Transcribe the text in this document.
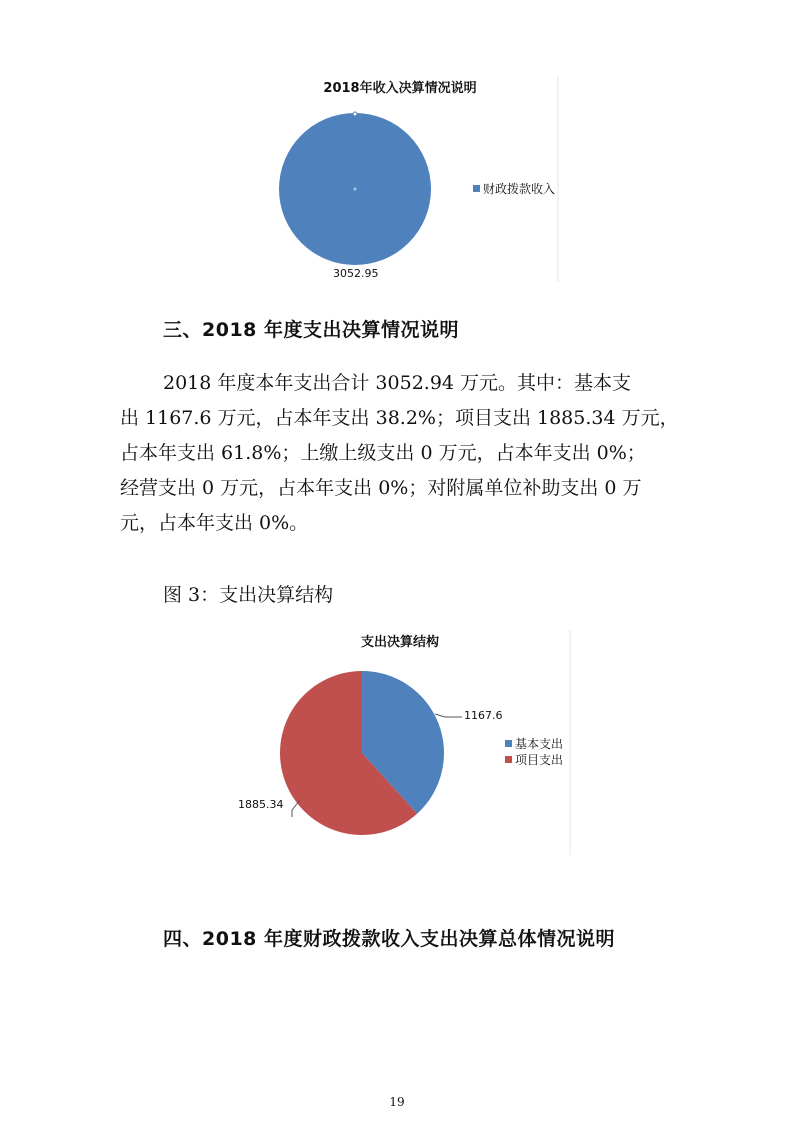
2018年收入决算情况说明
财政拨款收入
3052.95
三、2018 年度支出决算情况说明
2018 年度本年支出合计 3052.94 万元。其中：基本支
出 1167.6 万元，占本年支出 38.2%；项目支出 1885.34 万元，
占本年支出 61.8%；上缴上级支出 0 万元，占本年支出 0%；
经营支出 0 万元，占本年支出 0%；对附属单位补助支出 0 万
元，占本年支出 0%。
图 3：支出决算结构
支出决算结构
1167.6
1885.34
基本支出
项目支出
四、2018 年度财政拨款收入支出决算总体情况说明
19
